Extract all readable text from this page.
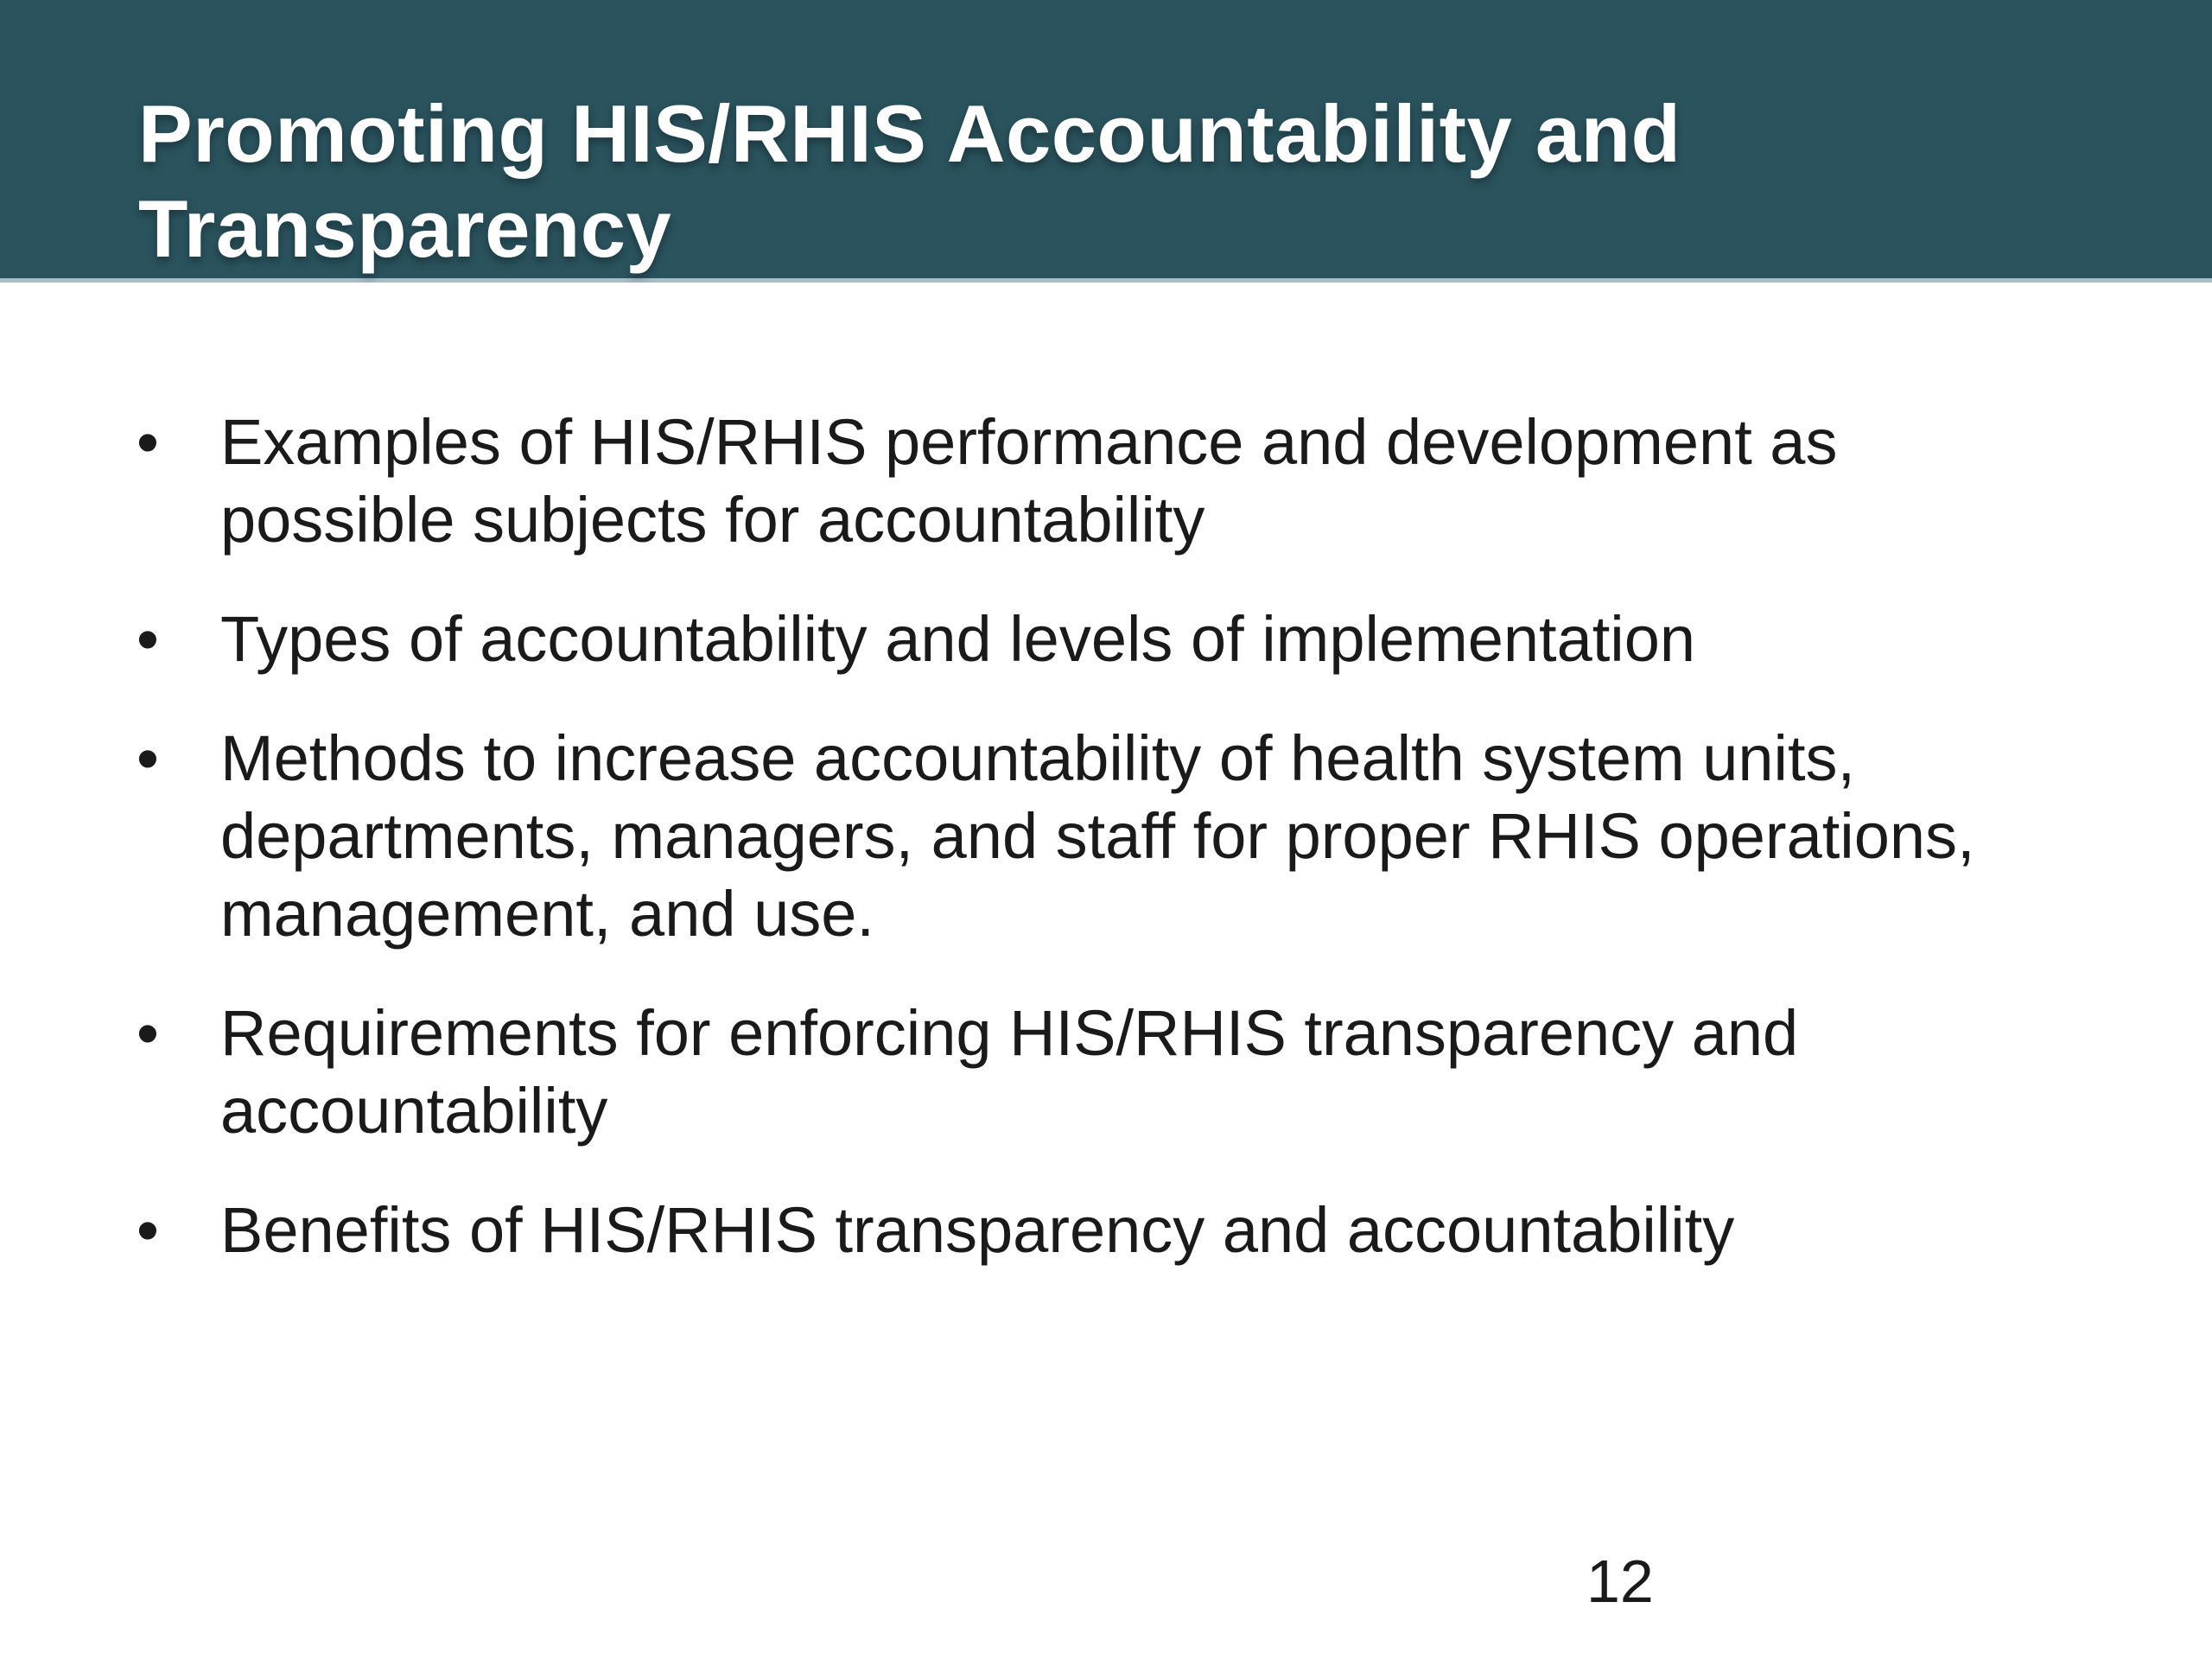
Promoting HIS/RHIS Accountability and Transparency
• Examples of HIS/RHIS performance and development as possible subjects for accountability
• Types of accountability and levels of implementation
• Methods to increase accountability of health system units, departments, managers, and staff for proper RHIS operations, management, and use.
• Requirements for enforcing HIS/RHIS transparency and accountability
• Benefits of HIS/RHIS transparency and accountability
12
